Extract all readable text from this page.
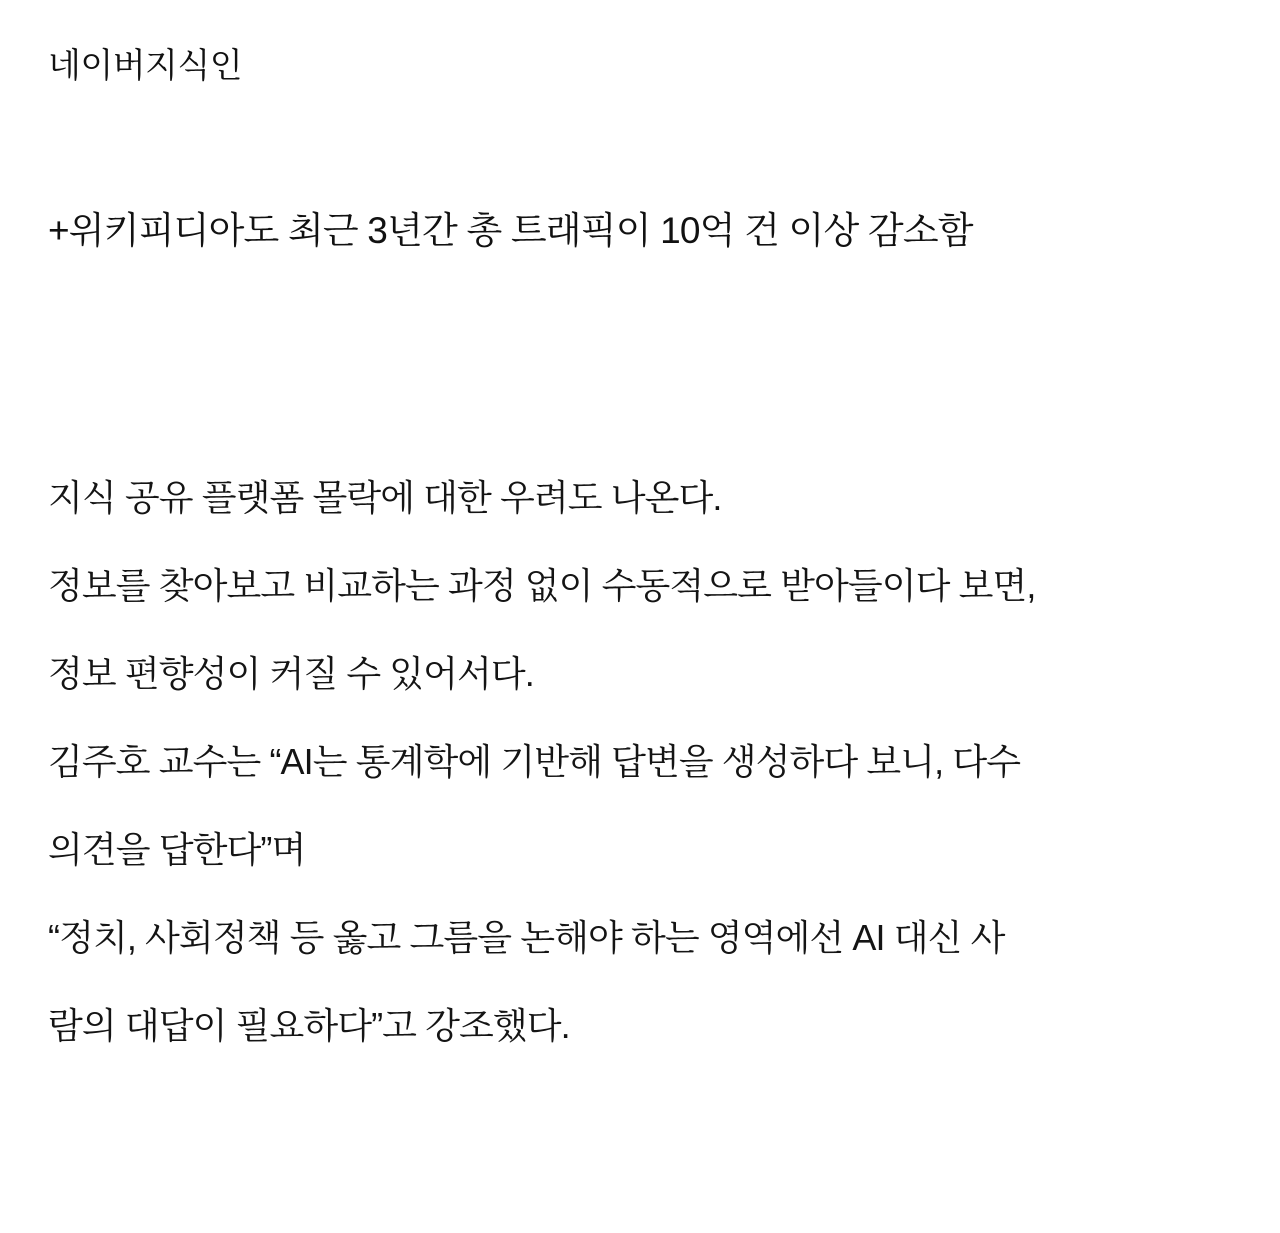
네이버지식인

+위키피디아도 최근 3년간 총 트래픽이 10억 건 이상 감소함

지식 공유 플랫폼 몰락에 대한 우려도 나온다.

정보를 찾아보고 비교하는 과정 없이 수동적으로 받아들이다 보면,

정보 편향성이 커질 수 있어서다.

김주호 교수는 “AI는 통계학에 기반해 답변을 생성하다 보니, 다수

의견을 답한다”며

“정치, 사회정책 등 옳고 그름을 논해야 하는 영역에선 AI 대신 사

람의 대답이 필요하다”고 강조했다.
